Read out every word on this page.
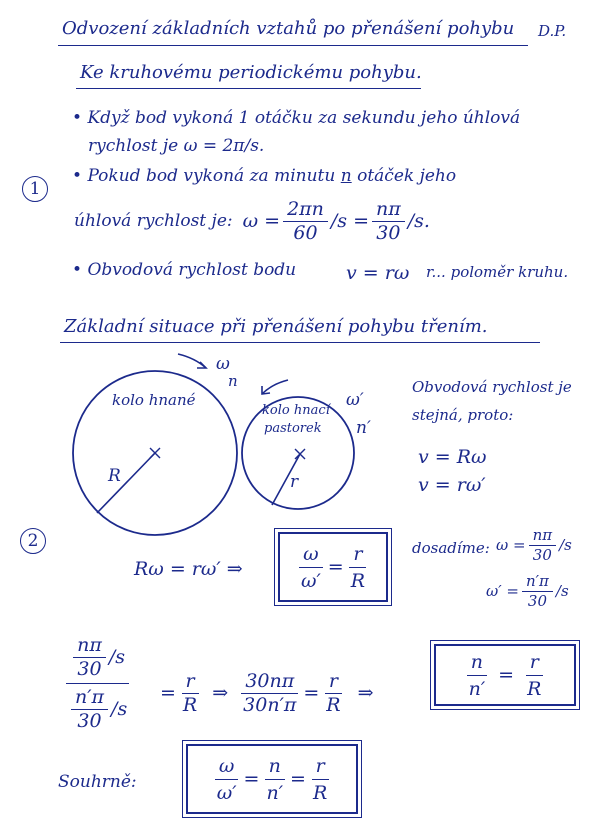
Odvození základních vztahů po přenášení pohybu D.P.
Ke kruhovému periodickému pohybu.
• Když bod vykoná 1 otáčku za sekundu jeho úhlová
rychlost je ω = 2π/s.
1
• Pokud bod vykoná za minutu n otáček jeho
úhlová rychlost je: $\omega = \frac{2\pi n}{60} /s = \frac{n\pi}{30} /s$.
• Obvodová rychlost bodu	v = rω r... poloměr kruhu.
Základní situace při přenášení pohybu třením.
kolo hnané
kolo hnací
pastorek
R	r
ω
n
ω′
n′
Obvodová rychlost je
stejná, proto:
v = Rω
v = rω′
2
Rω = rω′ ⇒	$\frac{\omega}{\omega'} = \frac{r}{R}$	dosadíme: $\omega = \frac{n\pi}{30} /s$
$\omega' = \frac{n'\pi}{30} /s$
$\frac{\frac{n\pi}{30} /s}{\frac{n'\pi}{30} /s} = \frac{r}{R}$ ⇒ $\frac{30n\pi}{30n'\pi} = \frac{r}{R}$ ⇒	$\frac{n}{n'} = \frac{r}{R}$
Souhrně:	$\frac{\omega}{\omega'} = \frac{n}{n'} = \frac{r}{R}$
